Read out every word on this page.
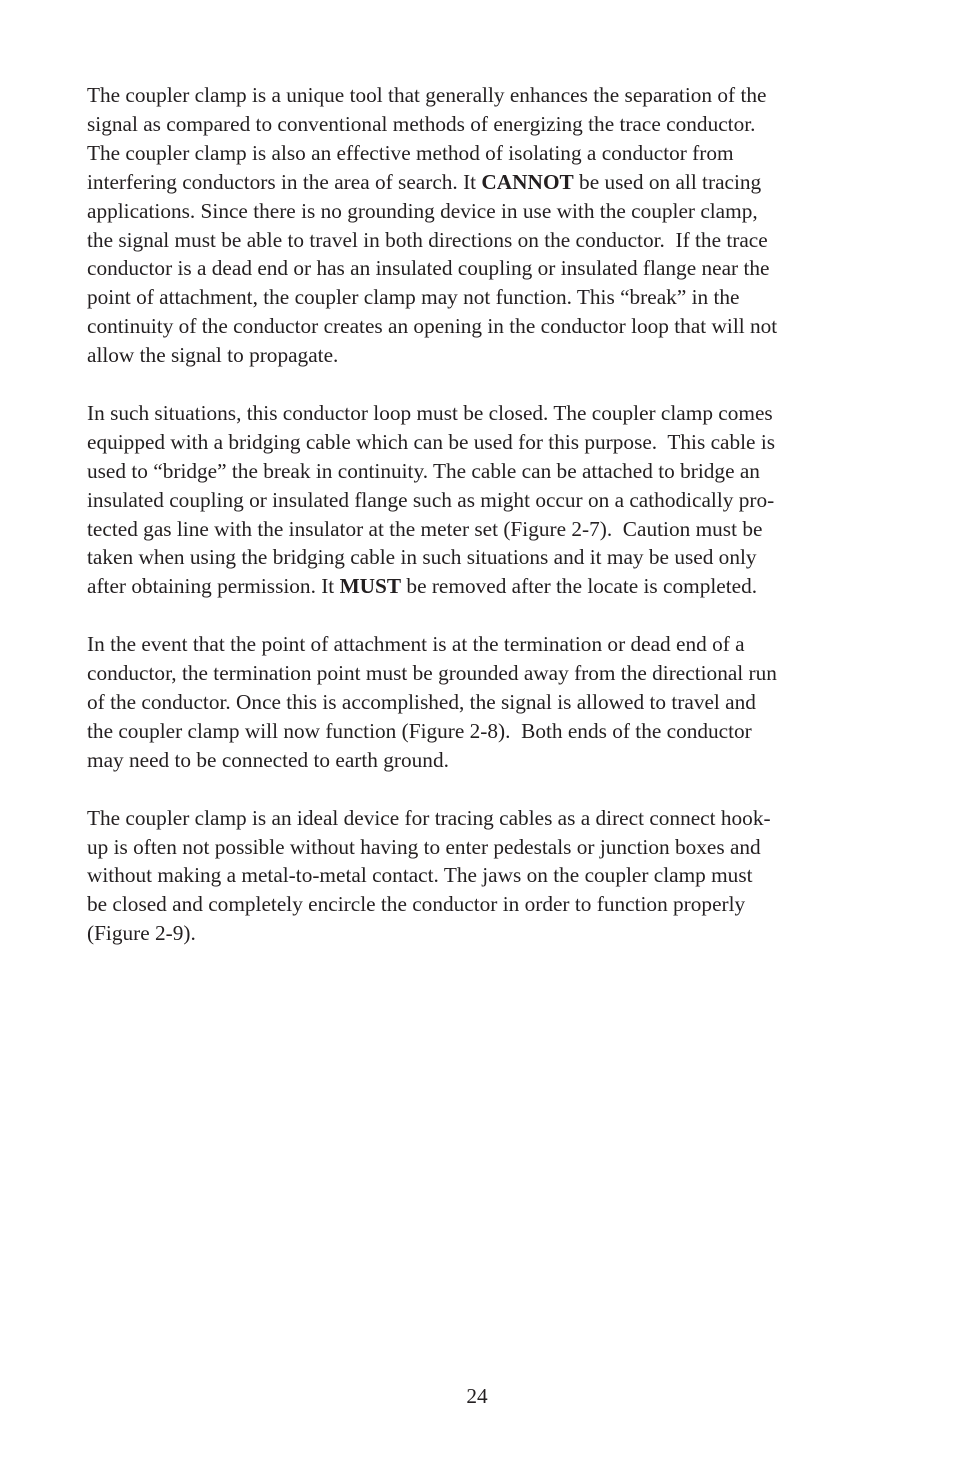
The coupler clamp is a unique tool that generally enhances the separation of the
signal as compared to conventional methods of energizing the trace conductor.
The coupler clamp is also an effective method of isolating a conductor from
interfering conductors in the area of search. It CANNOT be used on all tracing
applications. Since there is no grounding device in use with the coupler clamp,
the signal must be able to travel in both directions on the conductor.  If the trace
conductor is a dead end or has an insulated coupling or insulated flange near the
point of attachment, the coupler clamp may not function. This “break” in the
continuity of the conductor creates an opening in the conductor loop that will not
allow the signal to propagate.

In such situations, this conductor loop must be closed. The coupler clamp comes
equipped with a bridging cable which can be used for this purpose.  This cable is
used to “bridge” the break in continuity. The cable can be attached to bridge an
insulated coupling or insulated flange such as might occur on a cathodically pro-
tected gas line with the insulator at the meter set (Figure 2-7).  Caution must be
taken when using the bridging cable in such situations and it may be used only
after obtaining permission. It MUST be removed after the locate is completed.

In the event that the point of attachment is at the termination or dead end of a
conductor, the termination point must be grounded away from the directional run
of the conductor. Once this is accomplished, the signal is allowed to travel and
the coupler clamp will now function (Figure 2-8).  Both ends of the conductor
may need to be connected to earth ground.

The coupler clamp is an ideal device for tracing cables as a direct connect hook-
up is often not possible without having to enter pedestals or junction boxes and
without making a metal-to-metal contact. The jaws on the coupler clamp must
be closed and completely encircle the conductor in order to function properly
(Figure 2-9).

24
